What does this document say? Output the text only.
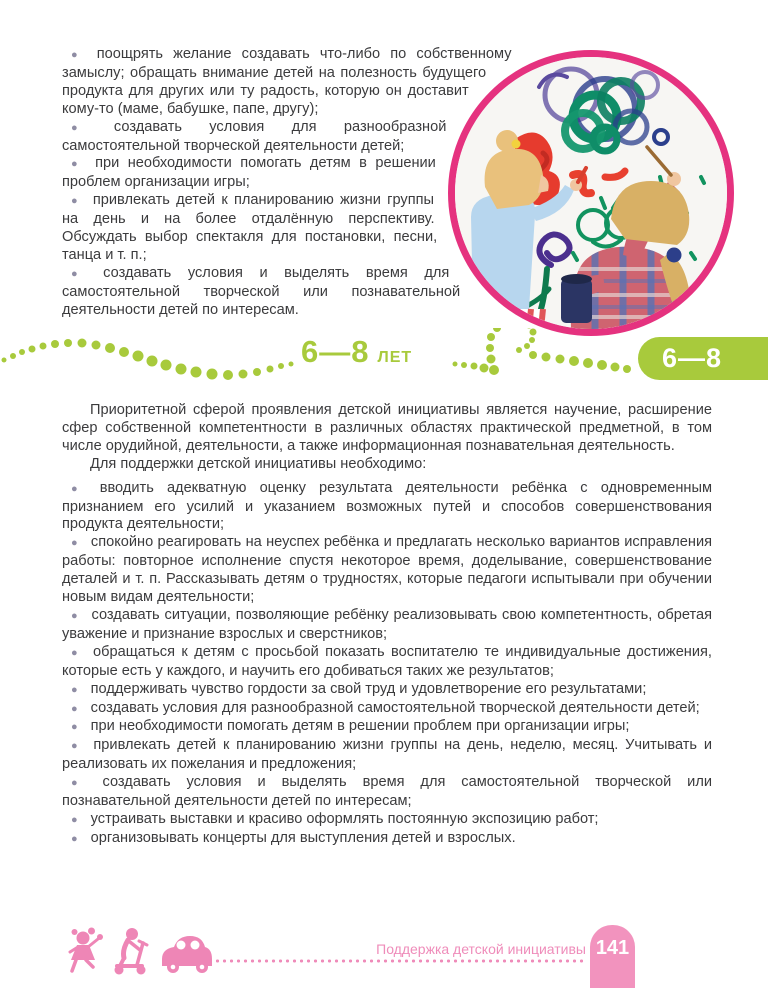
● поощрять желание создавать что-либо по собственному замыслу; обращать внимание детей на полезность будущего продукта для других или ту радость, которую он доставит кому-то (маме, бабушке, папе, другу);

● создавать условия для разнообразной самостоятельной творческой деятельности детей;

● при необходимости помогать детям в решении проблем организации игры;

● привлекать детей к планированию жизни группы на день и на более отдалённую перспективу. Обсуждать выбор спектакля для постановки, песни, танца и т. п.;

● создавать условия и выделять время для самостоятельной творческой или познавательной деятельности детей по интересам.

6—8 ЛЕТ	6—8

Приоритетной сферой проявления детской инициативы является научение, расширение сфер собственной компетентности в различных областях практической предметной, в том числе орудийной, деятельности, а также информационная познавательная деятельность.

Для поддержки детской инициативы необходимо:

● вводить адекватную оценку результата деятельности ребёнка с одновременным признанием его усилий и указанием возможных путей и способов совершенствования продукта деятельности;

● спокойно реагировать на неуспех ребёнка и предлагать несколько вариантов исправления работы: повторное исполнение спустя некоторое время, доделывание, совершенствование деталей и т. п. Рассказывать детям о трудностях, которые педагоги испытывали при обучении новым видам деятельности;

● создавать ситуации, позволяющие ребёнку реализовывать свою компетентность, обретая уважение и признание взрослых и сверстников;

● обращаться к детям с просьбой показать воспитателю те индивидуальные достижения, которые есть у каждого, и научить его добиваться таких же результатов;

● поддерживать чувство гордости за свой труд и удовлетворение его результатами;

● создавать условия для разнообразной самостоятельной творческой деятельности детей;

● при необходимости помогать детям в решении проблем при организации игры;

● привлекать детей к планированию жизни группы на день, неделю, месяц. Учитывать и реализовать их пожелания и предложения;

● создавать условия и выделять время для самостоятельной творческой или познавательной деятельности детей по интересам;

● устраивать выставки и красиво оформлять постоянную экспозицию работ;

● организовывать концерты для выступления детей и взрослых.

Поддержка детской инициативы 141
